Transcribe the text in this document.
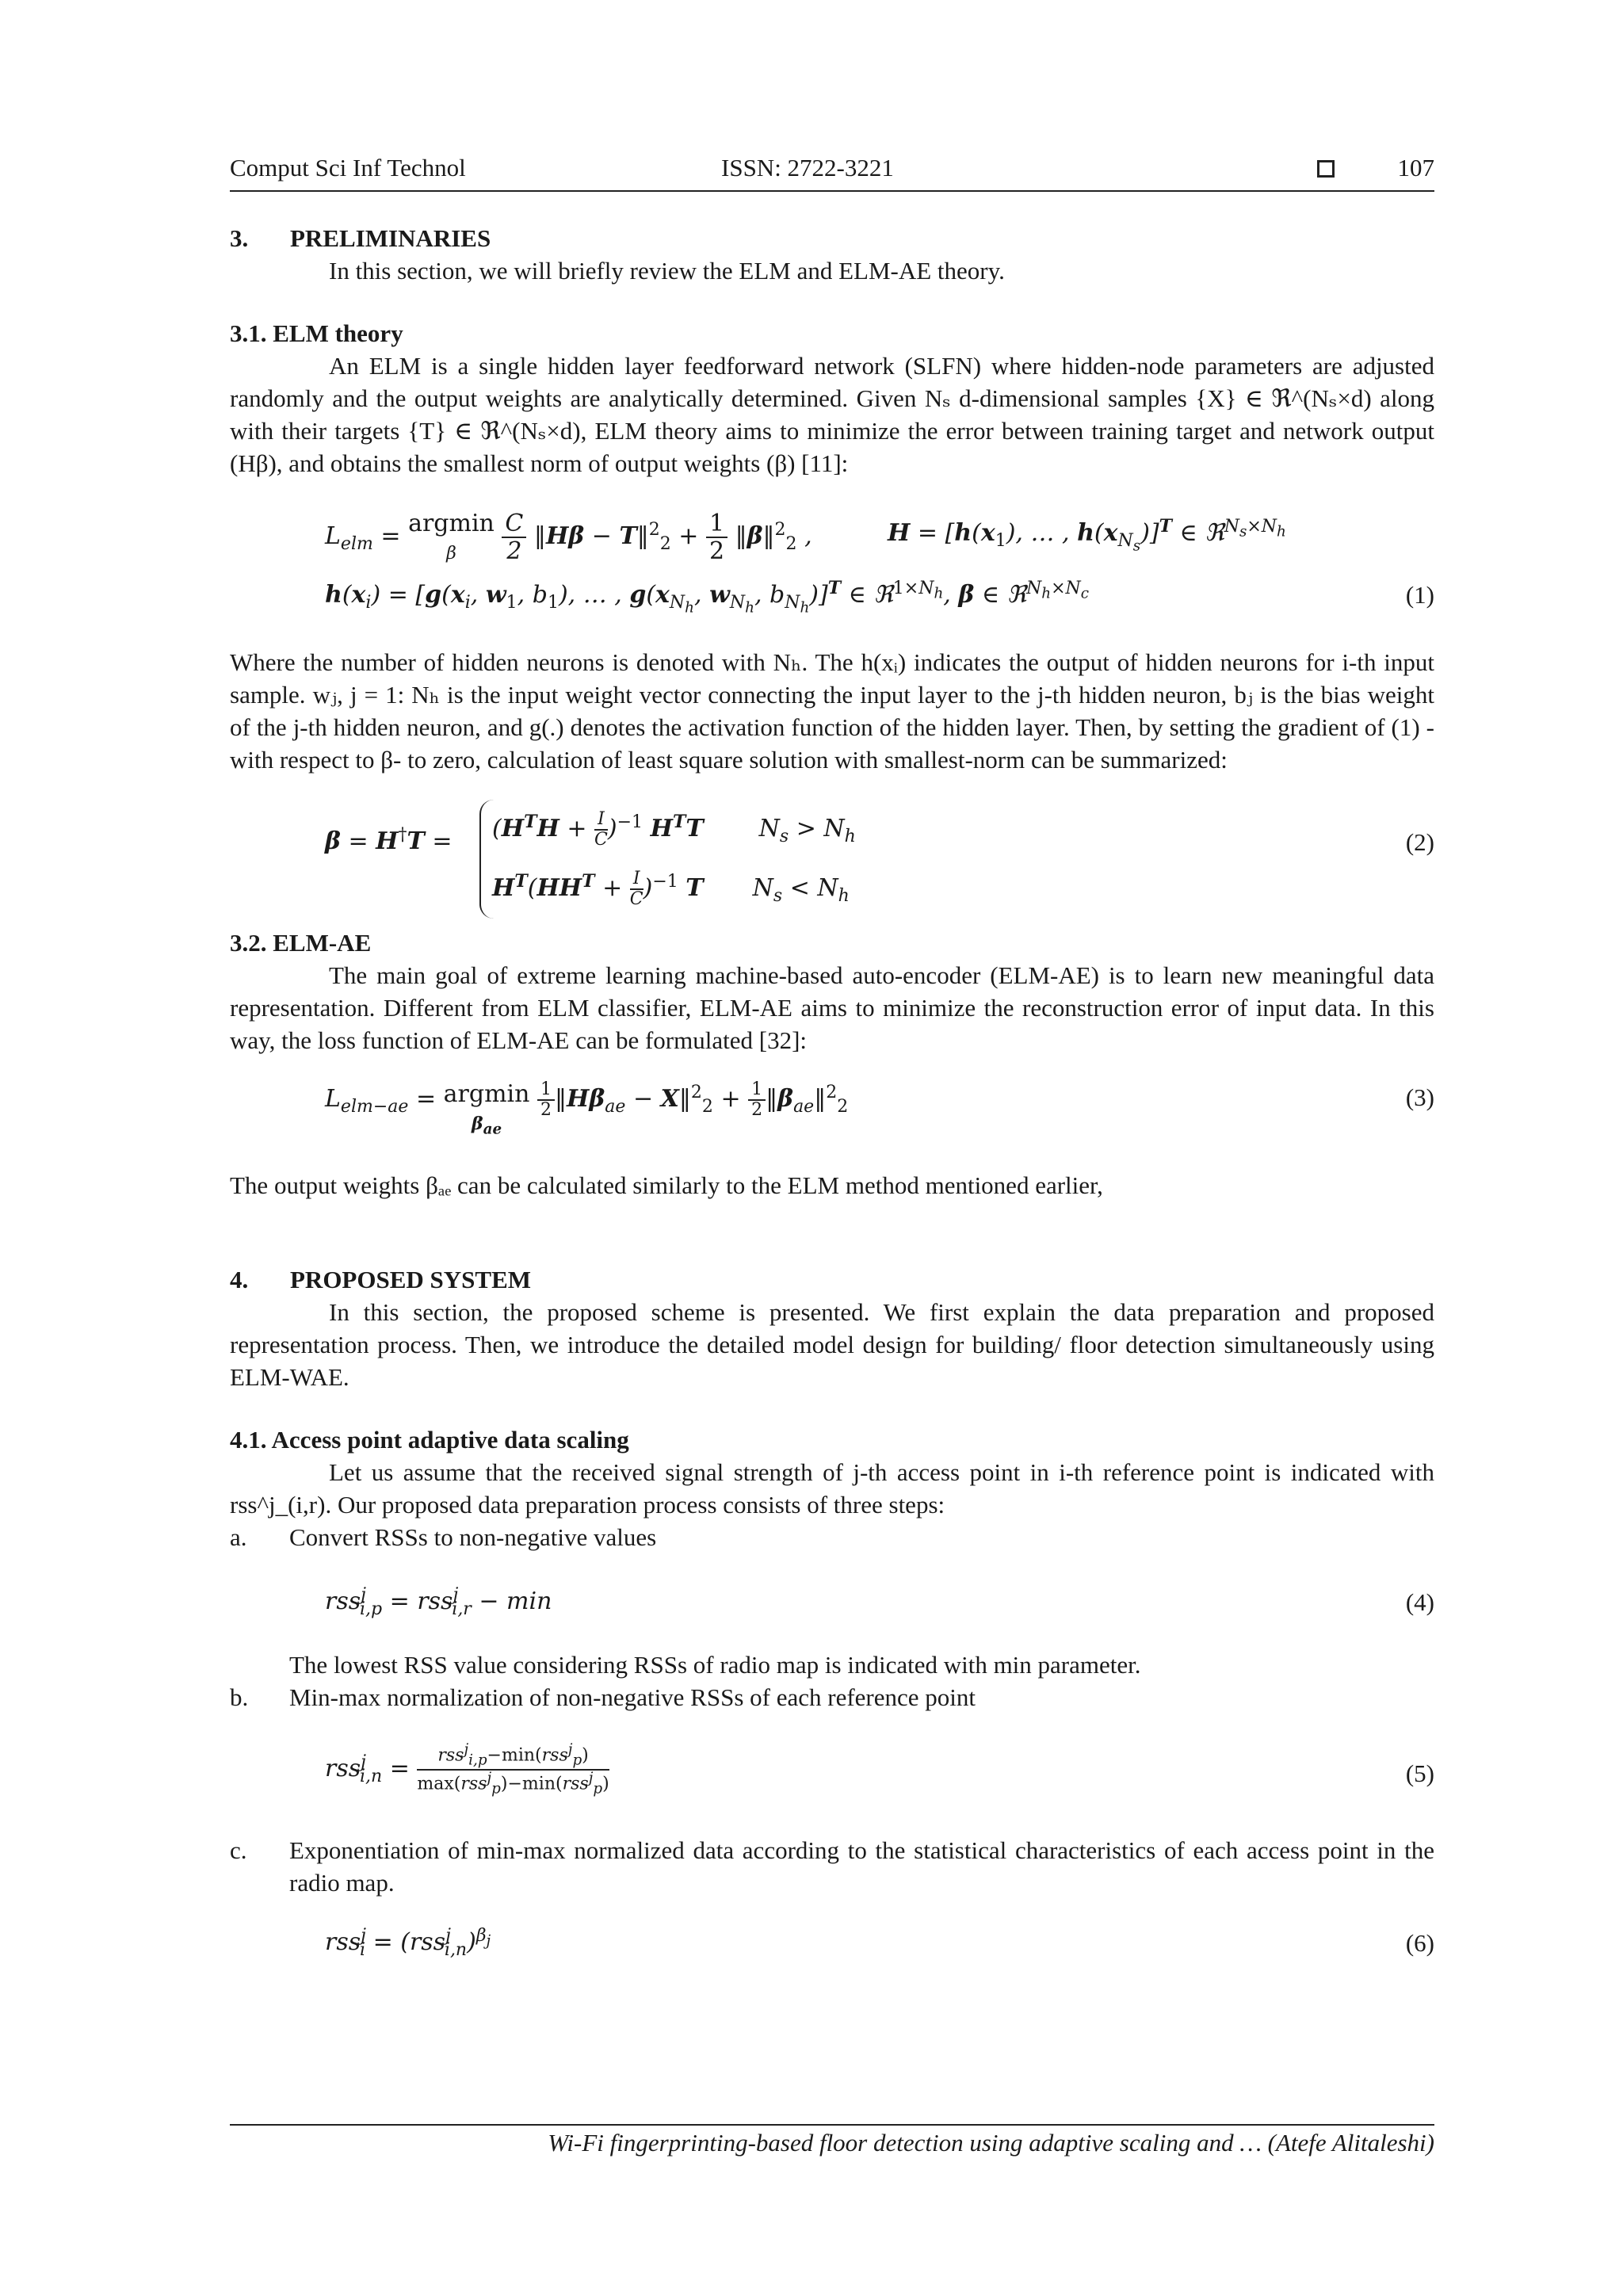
Comput Sci Inf Technol	ISSN: 2722-3221	107
3. PRELIMINARIES

In this section, we will briefly review the ELM and ELM-AE theory.

3.1. ELM theory

An ELM is a single hidden layer feedforward network (SLFN) where hidden-node parameters are adjusted randomly and the output weights are analytically determined. Given Nₛ d-dimensional samples {X} ∈ ℜ^(Nₛ×d) along with their targets {T} ∈ ℜ^(Nₛ×d), ELM theory aims to minimize the error between training target and network output (Hβ), and obtains the smallest norm of output weights (β) [11]:

$L_{elm} = argmin$
β $\frac{C}{2}$ ‖Hβ − T‖$^2_2$ + $\frac{1}{2}$ ‖β‖$^2_2$ ,	$H = [h(x_1)$, … , $h(x_{N_s})]^T$ ∈ ℜ$^{N_s\times N_h}$
$h(x_i) = [g(x_i$, $w_1$, $b_1$), … , $g(x_{N_h}$, $w_{N_h}$, $b_{N_h})]^T$ ∈ ℜ$^{1\times N_h}$, β ∈ ℜ$^{N_h\times N_c}$	(1)

Where the number of hidden neurons is denoted with Nₕ. The h(xᵢ) indicates the output of hidden neurons for i-th input sample. wⱼ, j = 1: Nₕ is the input weight vector connecting the input layer to the j-th hidden neuron, bⱼ is the bias weight of the j-th hidden neuron, and g(.) denotes the activation function of the hidden layer. Then, by setting the gradient of (1) -with respect to β- to zero, calculation of least square solution with smallest-norm can be summarized:

$\beta = H^\dagger T = (H^TH + \frac{I}{C} )^{-1}$ $H^TT$ $N_s > N_h$
$H^T(HH^T + \frac{I}{C} )^{-1}$ T $N_s < N_h$
(2)
3.2. ELM-AE

The main goal of extreme learning machine-based auto-encoder (ELM-AE) is to learn new meaningful data representation. Different from ELM classifier, ELM-AE aims to minimize the reconstruction error of input data. In this way, the loss function of ELM-AE can be formulated [32]:

$L_{elm-ae} = argmin$
$\beta_{ae}$
$\frac{1}{2}$ $‖H\beta_{ae}$ − X‖$^2_2$ + $\frac{1}{2}$ $‖\beta_{ae}‖^2_2$	(3)

The output weights βₐₑ can be calculated similarly to the ELM method mentioned earlier,

4. PROPOSED SYSTEM

In this section, the proposed scheme is presented. We first explain the data preparation and proposed representation process. Then, we introduce the detailed model design for building/ floor detection simultaneously using ELM-WAE.

4.1. Access point adaptive data scaling

Let us assume that the received signal strength of j-th access point in i-th reference point is indicated with rss^j_(i,r). Our proposed data preparation process consists of three steps:

a. Convert RSSs to non-negative values
rss$^j_{i,p}$ = rss$^j_{i,r}$ − min	(4)

The lowest RSS value considering RSSs of radio map is indicated with min parameter.

b. Min-max normalization of non-negative RSSs of each reference point
$rss^j_{i,n} = \frac{rss^j_{i,p}-\min(rss^j_p)}{\max(rss^j_p)-\min(rss^j_p)}$	(5)
c. Exponentiation of min-max normalized data according to the statistical characteristics of each access point in the radio map.
$rss^j_i = (rss^j_{i,n})^{\beta_j}$	(6)
Wi-Fi fingerprinting-based floor detection using adaptive scaling and … (Atefe Alitaleshi)
